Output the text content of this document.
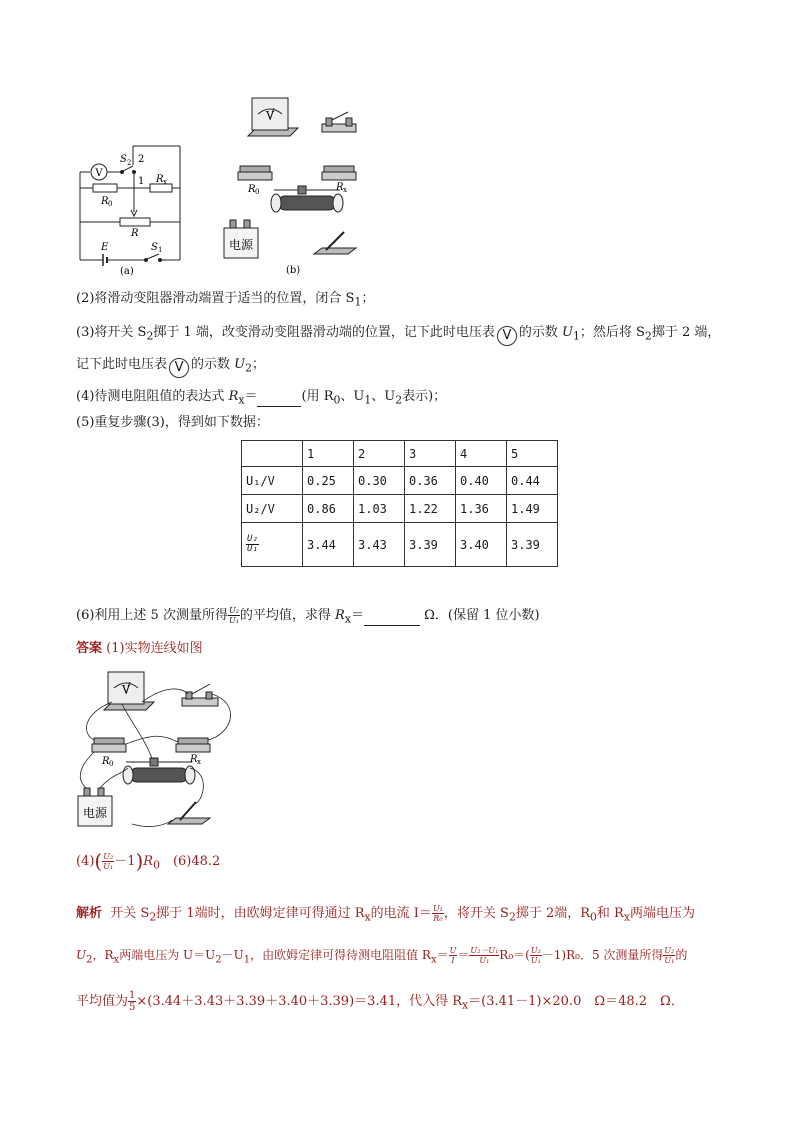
V
S 2 2
1
R 0
R x
R
E	S 1
(a)
V
R 0	R x
电源
(b)
(2)将滑动变阻器滑动端置于适当的位置，闭合 $S_1$；
(3)将开关 $S_2$掷于 1 端，改变滑动变阻器滑动端的位置，记下此时电压表 V 的示数 $U_1$；然后将 $S_2$掷于 2 端，
记下此时电压表 V 的示数 $U_2$；
(4)待测电阻阻值的表达式 $R_x=$	(用 $R_0$、$U_1$、$U_2$表示)；
(5)重复步骤(3)，得到如下数据：
	1	2	3	4	5
U₁/V	0.25	0.30	0.36	0.40	0.44
U₂/V	0.86	1.03	1.22	1.36	1.49

$\frac{\text{U₂}}{\text{U₁}}$	3.44	3.43	3.39	3.40	3.39
(6)利用上述 5 次测量所得 $\frac{\text{U₂}}{\text{U₁}}$ 的平均值，求得 $R_x=$	Ω．(保留 1 位小数)
答案 (1)实物连线如图
V
R 0	R x
电源
$(4)( \frac{\text{U₂}}{\text{U₁}} -1)R_0$　(6)48.2
解析 开关 $S_2$掷于 1端时，由欧姆定律可得通过 $R_x$的电流 $I= \frac{\text{U₁}}{\text{R₀}}$ ，将开关 $S_2$掷于 2端，$R_0$和 $R_x$两端电压为
$U_2$，$R_x$两端电压为 $U=U_2-U_1$，由欧姆定律可得待测电阻阻值 $R_x= \frac{U}{I} = \frac{\text{U₂－U₁}}{\text{U₁}} R_0=( \frac{\text{U₂}}{\text{U₁}} -1)R_0$．5 次测量所得 $\frac{\text{U₂}}{\text{U₁}}$ 的
平均值为 $\frac{1}{5} \times(3.44+3.43+3.39+3.40+3.39)=3.41$，代入得 $R_x=(3.41-1)\times 20.0$　Ω＝48.2　Ω．
